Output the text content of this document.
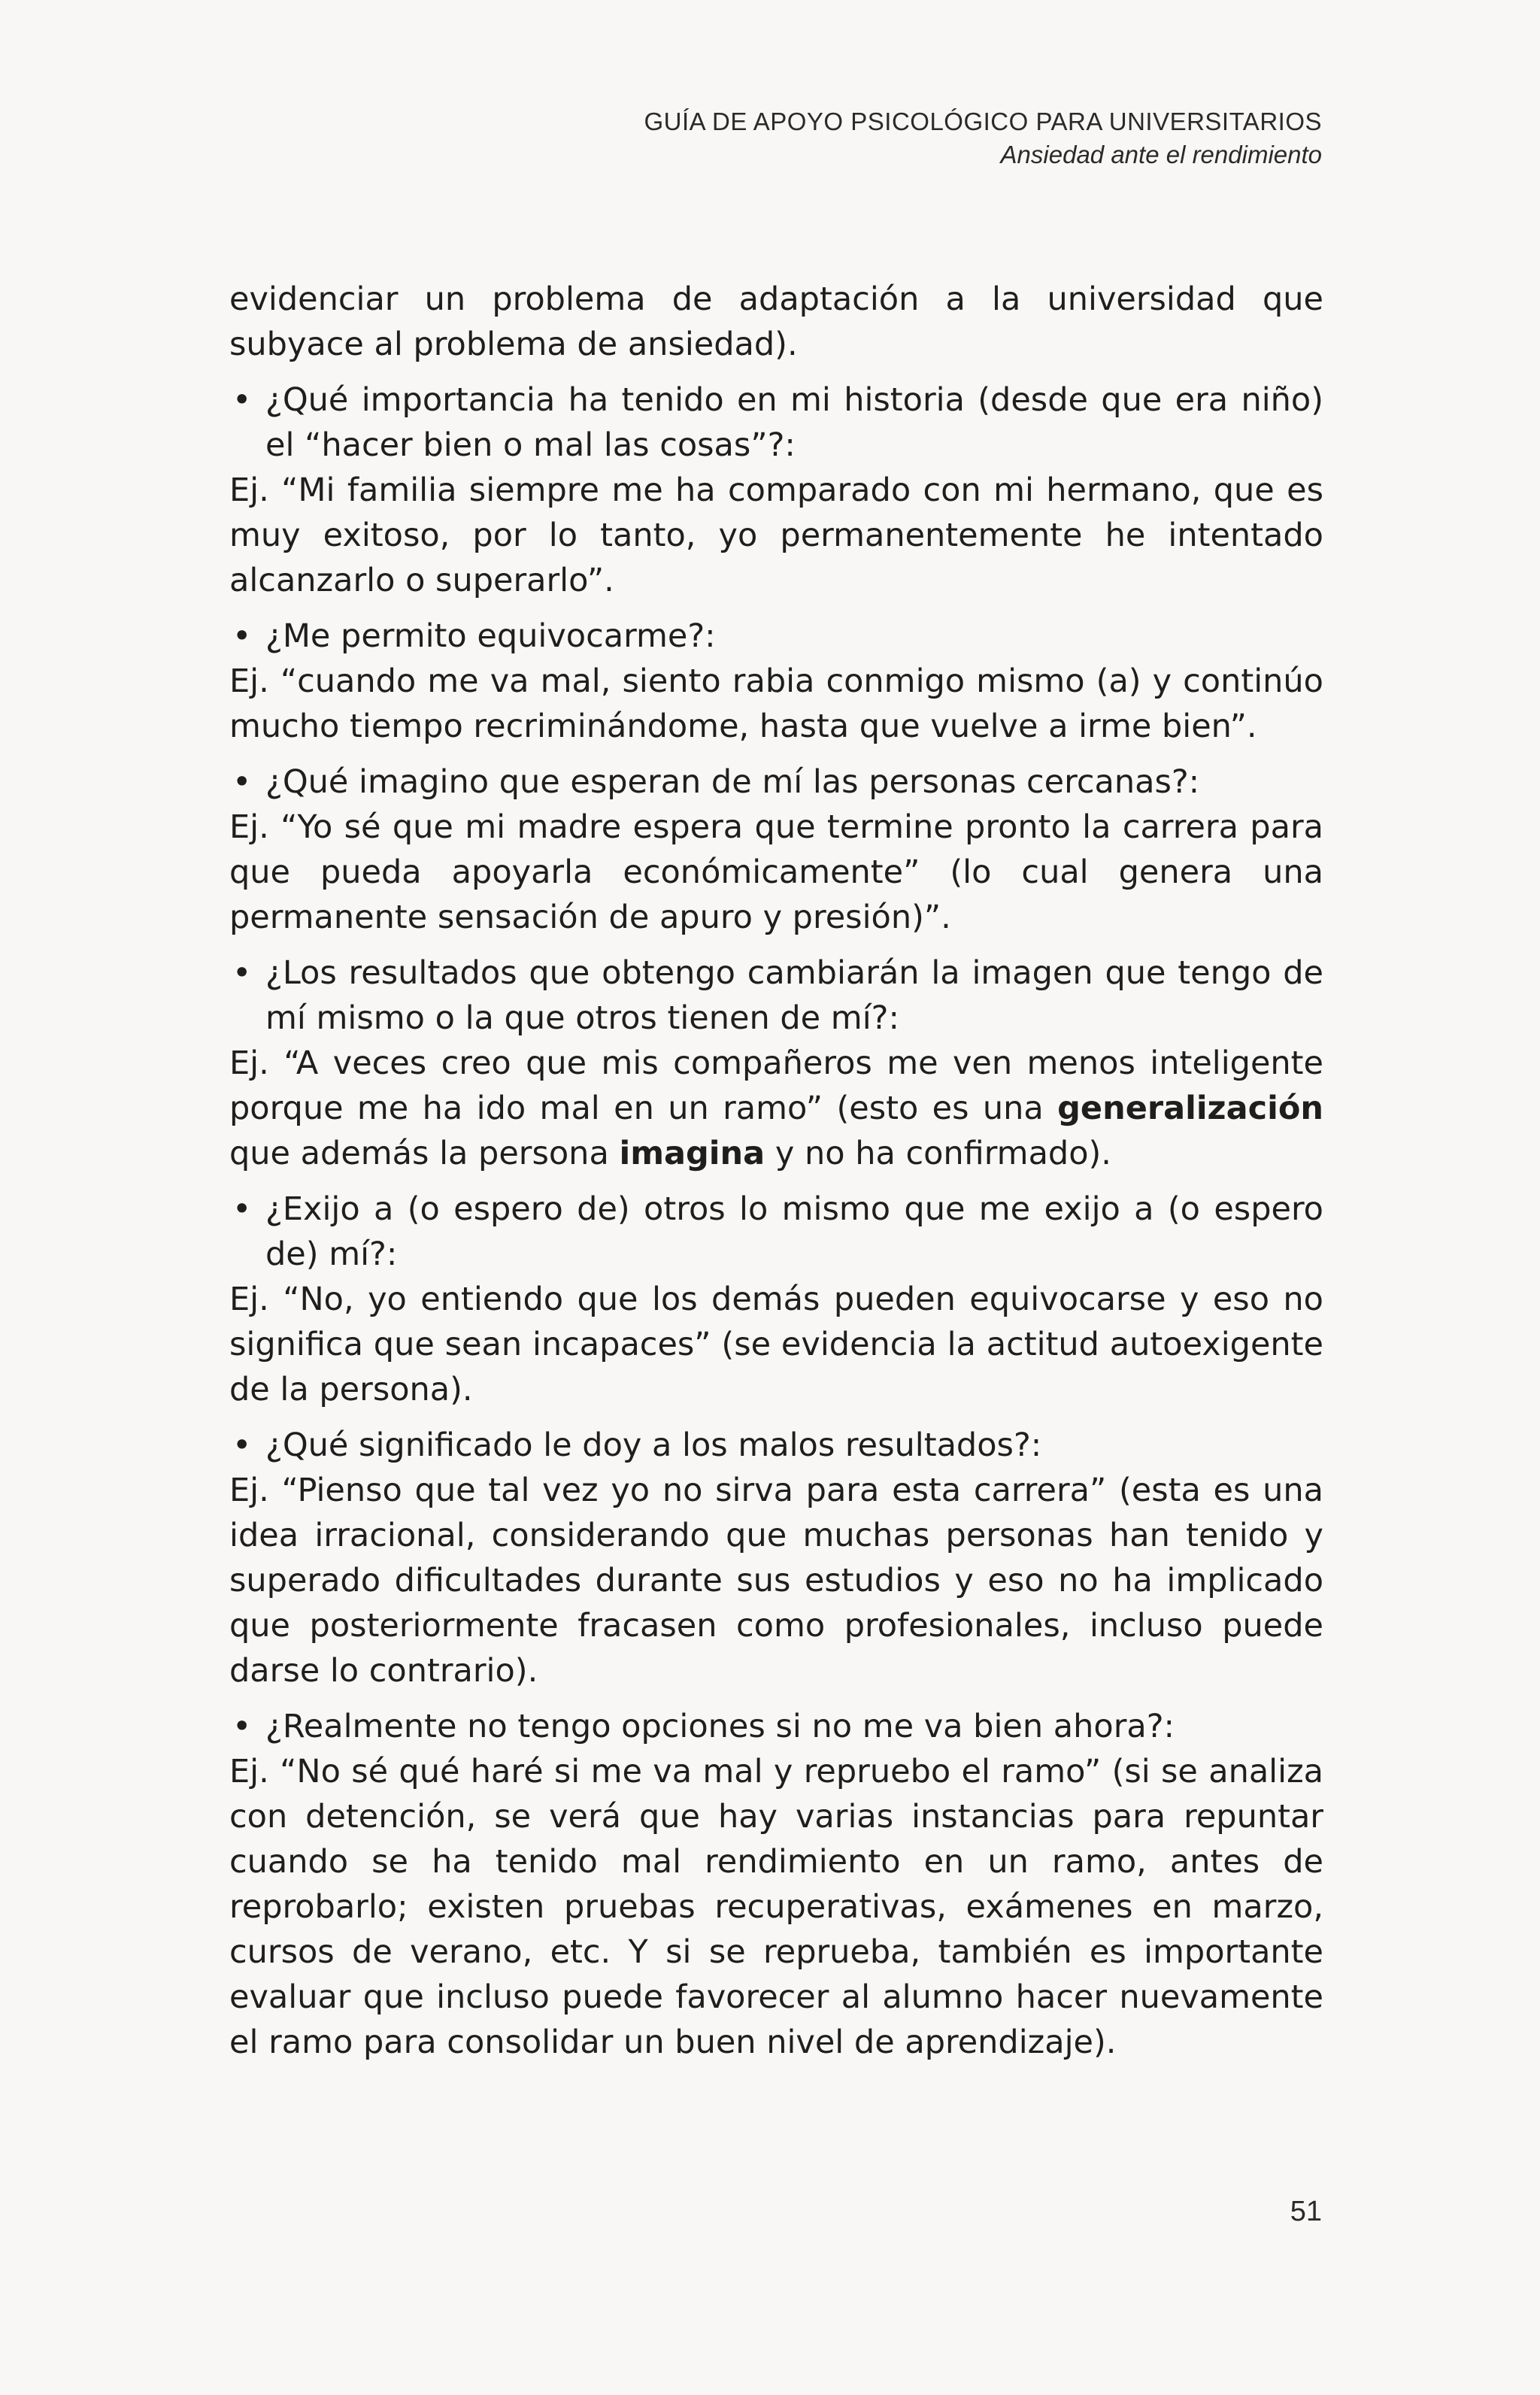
GUÍA DE APOYO PSICOLÓGICO PARA UNIVERSITARIOS
Ansiedad ante el rendimiento

evidenciar un problema de adaptación a la universidad que subyace al problema de ansiedad).

• ¿Qué importancia ha tenido en mi historia (desde que era niño) el “hacer bien o mal las cosas”?:

Ej. “Mi familia siempre me ha comparado con mi hermano, que es muy exitoso, por lo tanto, yo permanentemente he intentado alcanzarlo o superarlo”.

• ¿Me permito equivocarme?:

Ej. “cuando me va mal, siento rabia conmigo mismo (a) y continúo mucho tiempo recriminándome, hasta que vuelve a irme bien”.

• ¿Qué imagino que esperan de mí las personas cercanas?:

Ej. “Yo sé que mi madre espera que termine pronto la carrera para que pueda apoyarla económicamente” (lo cual genera una permanente sensación de apuro y presión)”.

• ¿Los resultados que obtengo cambiarán la imagen que tengo de mí mismo o la que otros tienen de mí?:

Ej. “A veces creo que mis compañeros me ven menos inteligente porque me ha ido mal en un ramo” (esto es una generalización que además la persona imagina y no ha confirmado).

• ¿Exijo a (o espero de) otros lo mismo que me exijo a (o espero de) mí?:

Ej. “No, yo entiendo que los demás pueden equivocarse y eso no significa que sean incapaces” (se evidencia la actitud autoexigente de la persona).

• ¿Qué significado le doy a los malos resultados?:

Ej. “Pienso que tal vez yo no sirva para esta carrera” (esta es una idea irracional, considerando que muchas personas han tenido y superado dificultades durante sus estudios y eso no ha implicado que posteriormente fracasen como profesionales, incluso puede darse lo contrario).

• ¿Realmente no tengo opciones si no me va bien ahora?:

Ej. “No sé qué haré si me va mal y repruebo el ramo” (si se analiza con detención, se verá que hay varias instancias para repuntar cuando se ha tenido mal rendimiento en un ramo, antes de reprobarlo; existen pruebas recuperativas, exámenes en marzo, cursos de verano, etc. Y si se reprueba, también es importante evaluar que incluso puede favorecer al alumno hacer nuevamente el ramo para consolidar un buen nivel de aprendizaje).

51
